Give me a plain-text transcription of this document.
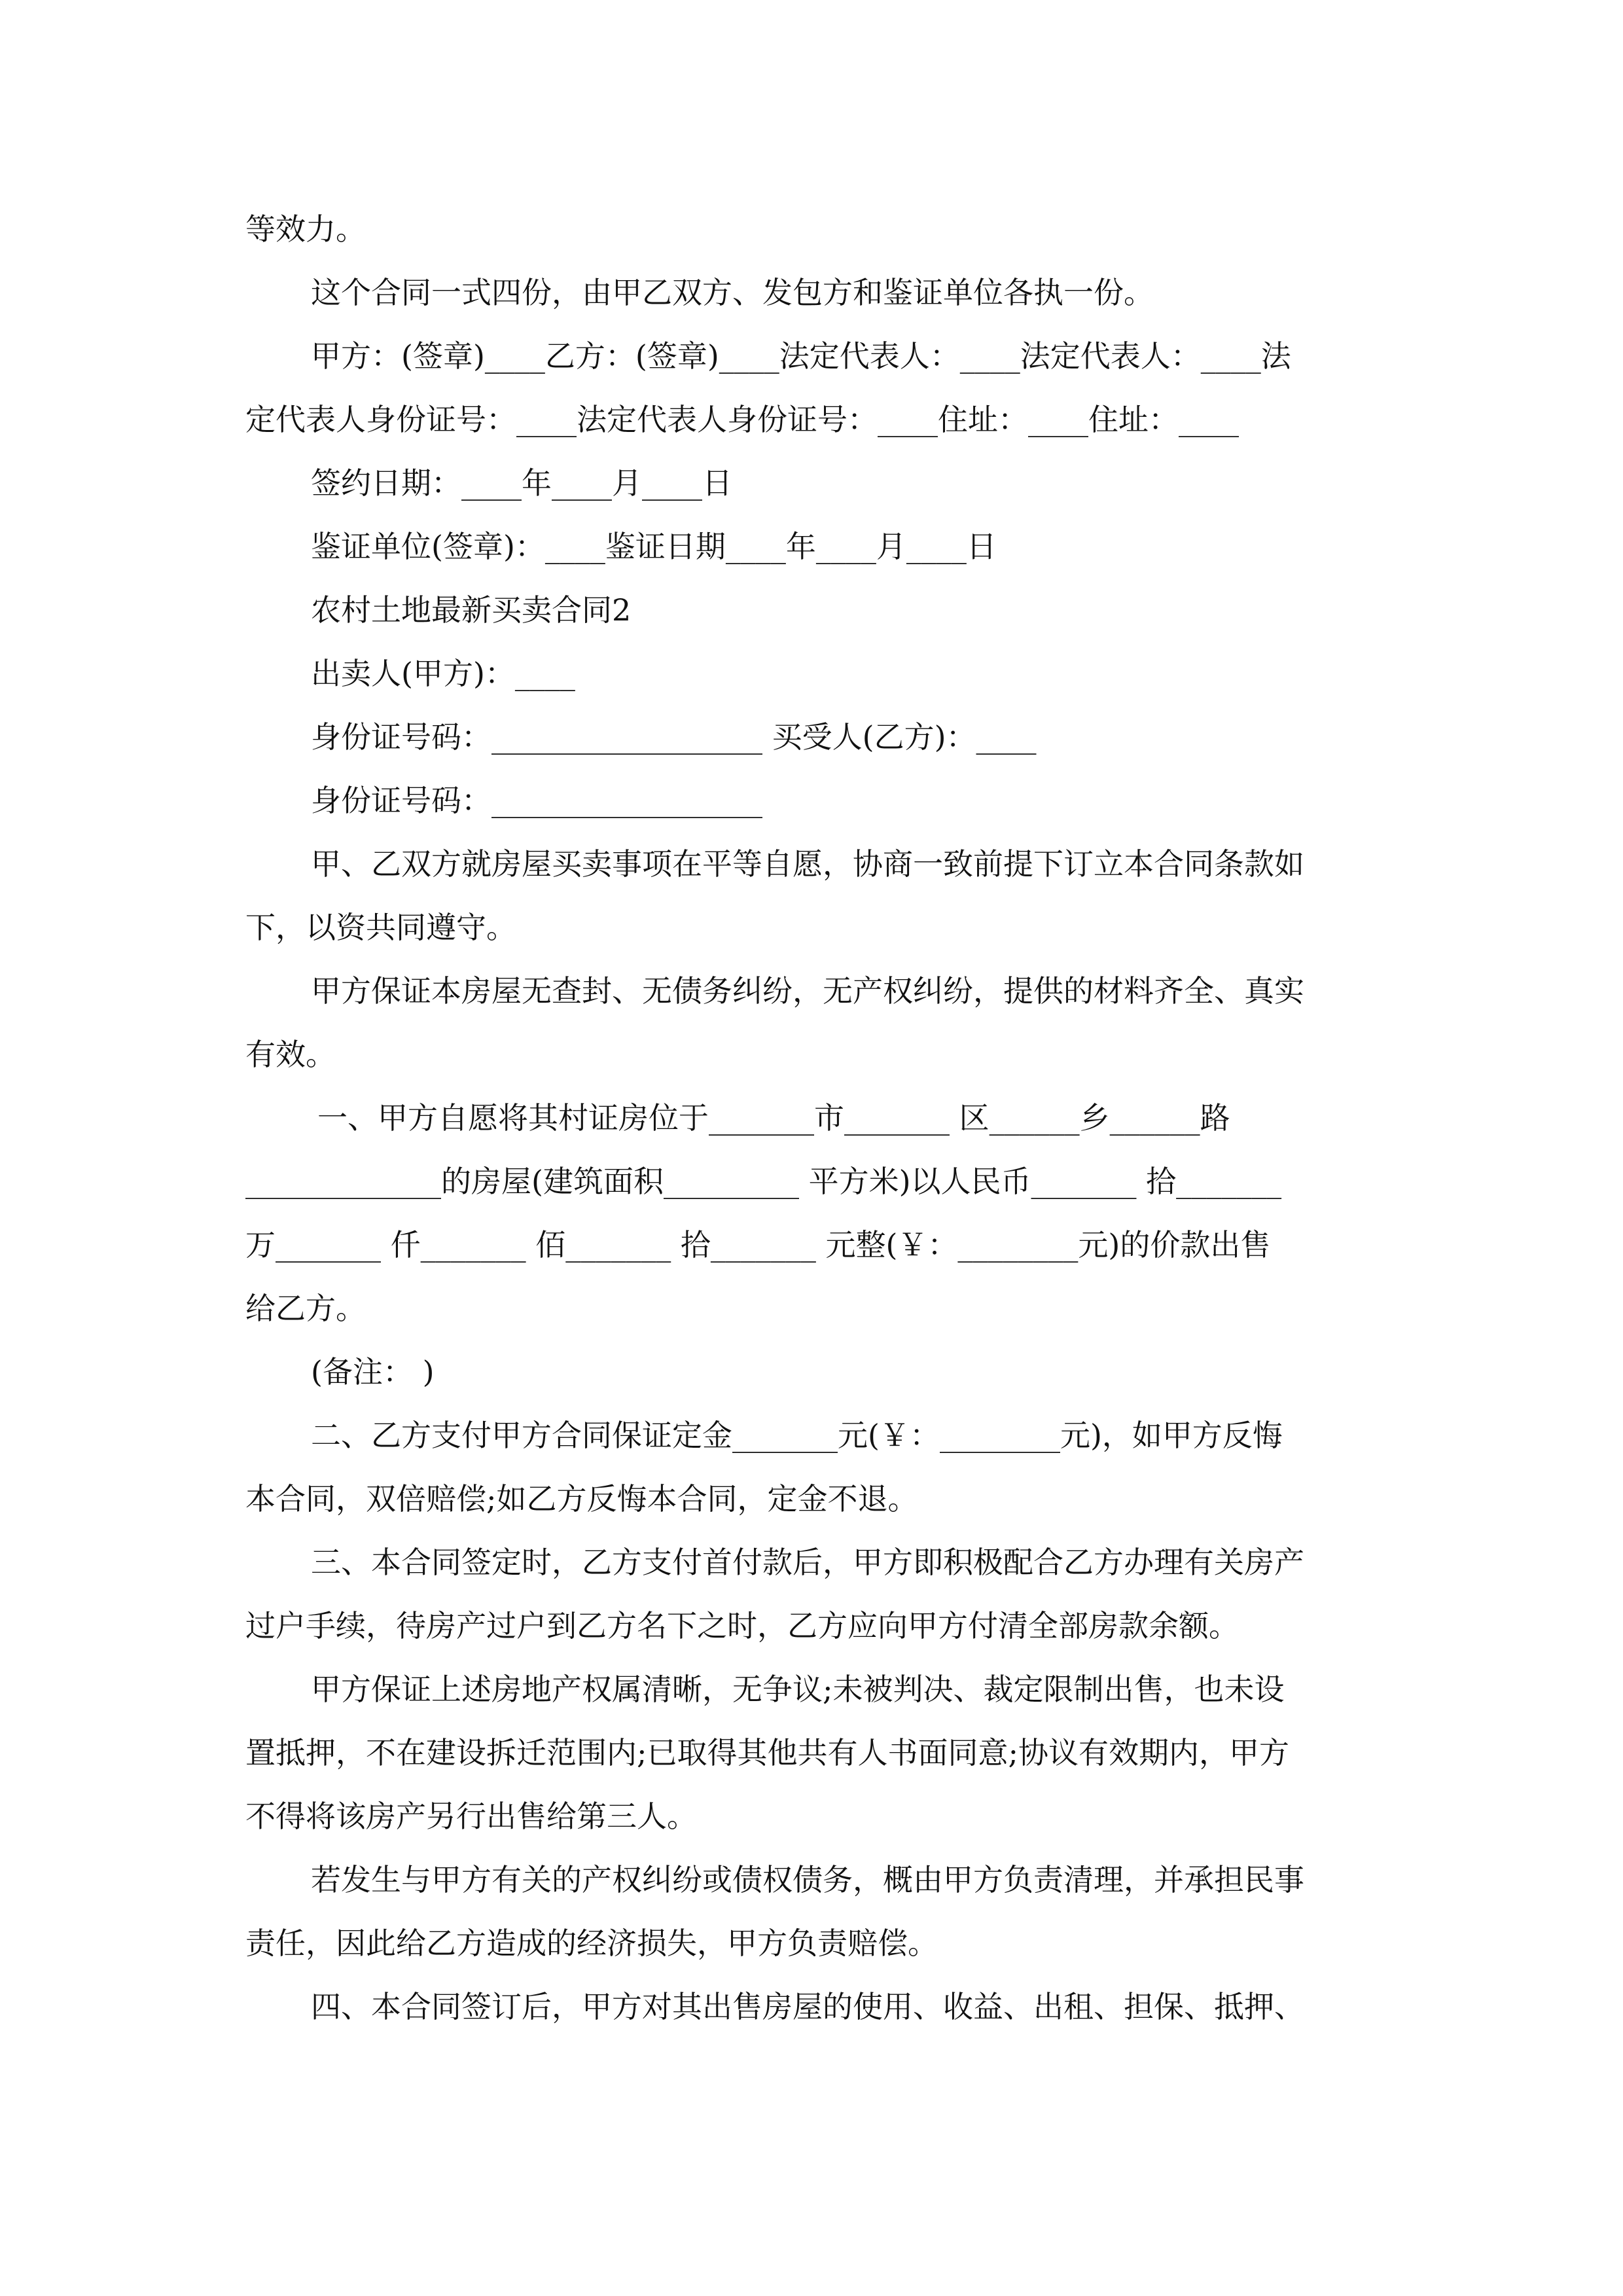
等效力。
这个合同一式四份，由甲乙双方、发包方和鉴证单位各执一份。
甲方：(签章)____乙方：(签章)____法定代表人：____法定代表人：____法
定代表人身份证号：____法定代表人身份证号：____住址：____住址：____
签约日期：____年____月____日
鉴证单位(签章)：____鉴证日期____年____月____日
农村土地最新买卖合同2
出卖人(甲方)：____
身份证号码：__________________ 买受人(乙方)：____
身份证号码：__________________
甲、乙双方就房屋买卖事项在平等自愿，协商一致前提下订立本合同条款如
下，以资共同遵守。
甲方保证本房屋无查封、无债务纠纷，无产权纠纷，提供的材料齐全、真实
有效。
一、甲方自愿将其村证房位于_______市_______ 区______乡______路
_____________的房屋(建筑面积_________ 平方米)以人民币_______ 拾_______
万_______ 仟_______ 佰_______ 拾_______ 元整(￥：________元)的价款出售
给乙方。
(备注： )
二、乙方支付甲方合同保证定金_______元(￥：________元)，如甲方反悔
本合同，双倍赔偿;如乙方反悔本合同，定金不退。
三、本合同签定时，乙方支付首付款后，甲方即积极配合乙方办理有关房产
过户手续，待房产过户到乙方名下之时，乙方应向甲方付清全部房款余额。
甲方保证上述房地产权属清晰，无争议;未被判决、裁定限制出售，也未设
置抵押，不在建设拆迁范围内;已取得其他共有人书面同意;协议有效期内，甲方
不得将该房产另行出售给第三人。
若发生与甲方有关的产权纠纷或债权债务，概由甲方负责清理，并承担民事
责任，因此给乙方造成的经济损失，甲方负责赔偿。
四、本合同签订后，甲方对其出售房屋的使用、收益、出租、担保、抵押、
